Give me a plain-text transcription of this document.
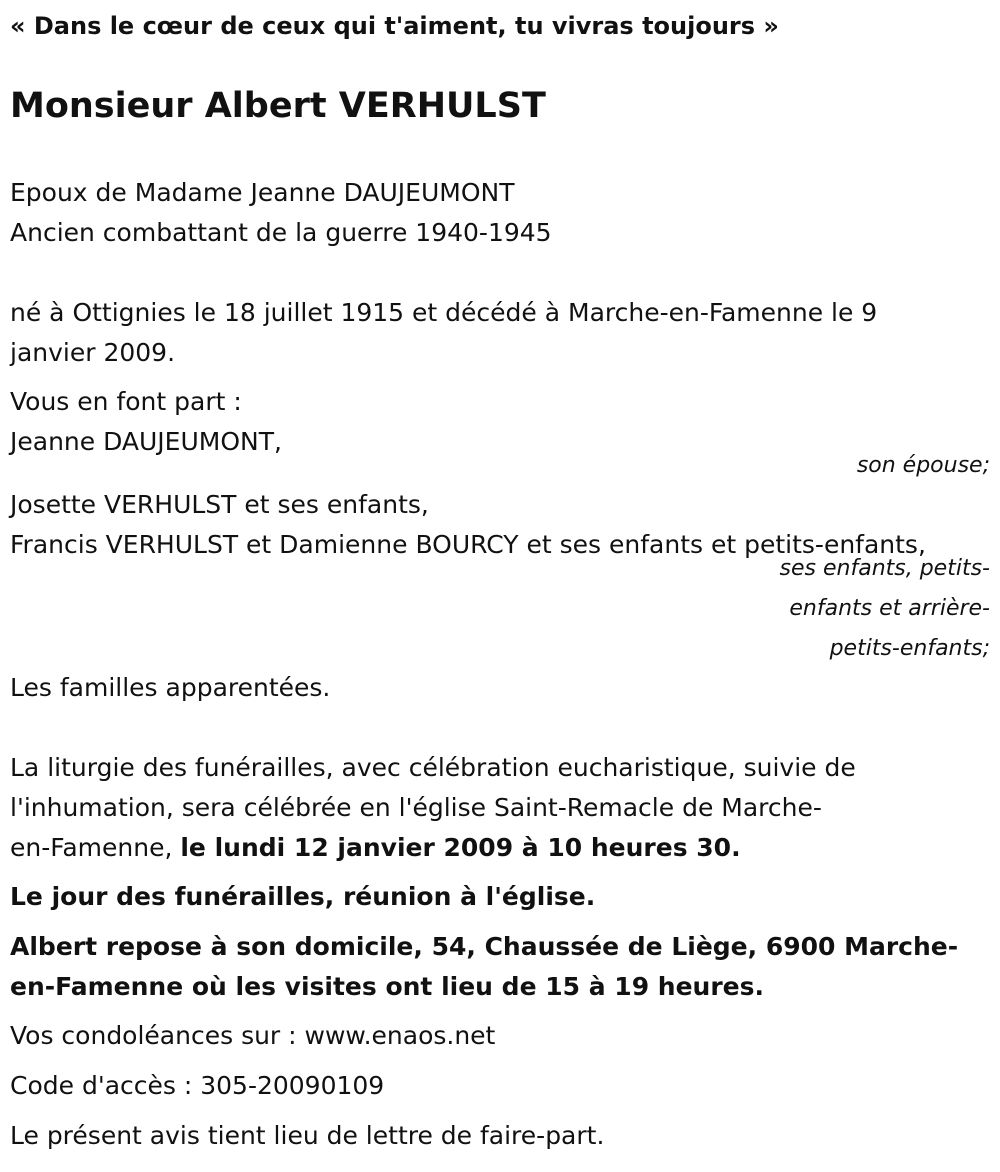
« Dans le cœur de ceux qui t'aiment, tu vivras toujours »
Monsieur Albert VERHULST
Epoux de Madame Jeanne DAUJEUMONT
Ancien combattant de la guerre 1940-1945
né à Ottignies le 18 juillet 1915 et décédé à Marche-en-Famenne le 9
janvier 2009.
Vous en font part :
Jeanne DAUJEUMONT,
son épouse;
Josette VERHULST et ses enfants,
Francis VERHULST et Damienne BOURCY et ses enfants et petits-enfants,
ses enfants, petits-
enfants et arrière-
petits-enfants;
Les familles apparentées.
La liturgie des funérailles, avec célébration eucharistique, suivie de
l'inhumation, sera célébrée en l'église Saint-Remacle de Marche-
en-Famenne, le lundi 12 janvier 2009 à 10 heures 30.
Le jour des funérailles, réunion à l'église.
Albert repose à son domicile, 54, Chaussée de Liège, 6900 Marche-
en-Famenne où les visites ont lieu de 15 à 19 heures.
Vos condoléances sur : www.enaos.net
Code d'accès : 305-20090109
Le présent avis tient lieu de lettre de faire-part.
